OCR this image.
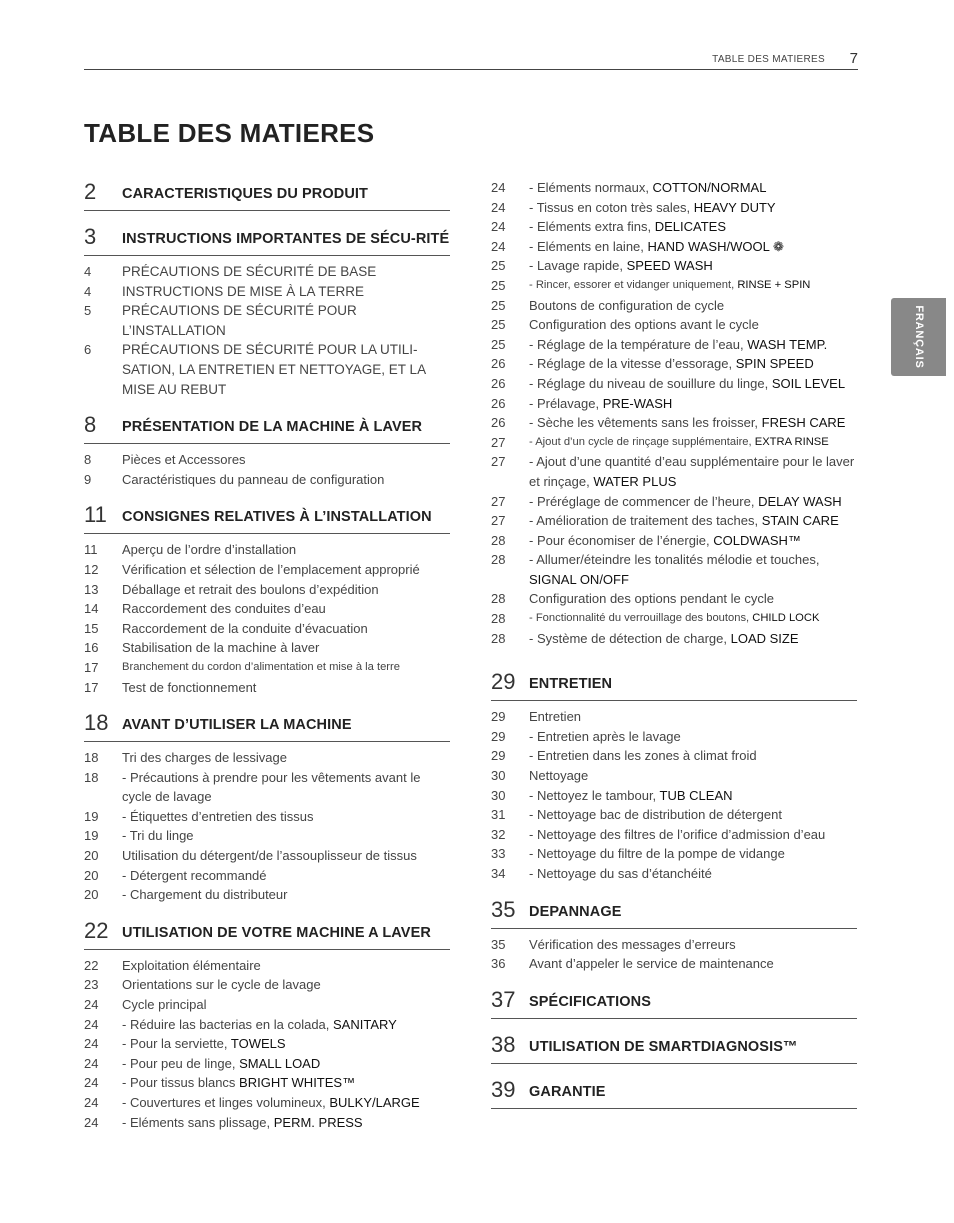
TABLE DES MATIERES 7
TABLE DES MATIERES
FRANÇAIS
2	CARACTERISTIQUES DU PRODUIT
3	INSTRUCTIONS IMPORTANTES DE SÉCU-RITÉ
4	PRÉCAUTIONS DE SÉCURITÉ DE BASE
4	INSTRUCTIONS DE MISE À LA TERRE
5	PRÉCAUTIONS DE SÉCURITÉ POUR L’INSTALLATION
6	PRÉCAUTIONS DE SÉCURITÉ POUR LA UTILI-SATION, LA ENTRETIEN ET NETTOYAGE, ET LA MISE AU REBUT
8	PRÉSENTATION DE LA MACHINE À LAVER
8	Pièces et Accessores
9	Caractéristiques du panneau de configuration
11	CONSIGNES RELATIVES À L’INSTALLATION
11	Aperçu de l’ordre d’installation
12	Vérification et sélection de l’emplacement approprié
13	Déballage et retrait des boulons d’expédition
14	Raccordement des conduites d’eau
15	Raccordement de la conduite d’évacuation
16	Stabilisation de la machine à laver
17	Branchement du cordon d’alimentation et mise à la terre
17	Test de fonctionnement
18 AVANT D’UTILISER LA MACHINE
18	Tri des charges de lessivage
18	- Précautions à prendre pour les vêtements avant le cycle de lavage
19	- Étiquettes d’entretien des tissus
19	- Tri du linge
20	Utilisation du détergent/de l’assouplisseur de tissus
20	- Détergent recommandé
20	- Chargement du distributeur
22 UTILISATION DE VOTRE MACHINE A LAVER
22	Exploitation élémentaire
23	Orientations sur le cycle de lavage
24	Cycle principal
24	- Réduire las bacterias en la colada, SANITARY
24	- Pour la serviette, TOWELS
24	- Pour peu de linge, SMALL LOAD
24	- Pour tissus blancs BRIGHT WHITES™
24	- Couvertures et linges volumineux, BULKY/LARGE
24	- Eléments sans plissage, PERM. PRESS
24	- Eléments normaux, COTTON/NORMAL
24	- Tissus en coton très sales, HEAVY DUTY
24	- Eléments extra fins, DELICATES
24	- Eléments en laine, HAND WASH/WOOL ❁
25	- Lavage rapide, SPEED WASH
25	- Rincer, essorer et vidanger uniquement, RINSE + SPIN
25	Boutons de configuration de cycle
25	Configuration des options avant le cycle
25	- Réglage de la température de l’eau, WASH TEMP.
26	- Réglage de la vitesse d’essorage, SPIN SPEED
26	- Réglage du niveau de souillure du linge, SOIL LEVEL
26	- Prélavage, PRE-WASH
26	- Sèche les vêtements sans les froisser, FRESH CARE
27	- Ajout d’un cycle de rinçage supplémentaire, EXTRA RINSE
27	- Ajout d’une quantité d’eau supplémentaire pour le laver et rinçage, WATER PLUS
27	- Préréglage de commencer de l’heure, DELAY WASH
27	- Amélioration de traitement des taches, STAIN CARE
28	- Pour économiser de l’énergie, COLDWASH™
28	- Allumer/éteindre les tonalités mélodie et touches, SIGNAL ON/OFF
28	Configuration des options pendant le cycle
28	- Fonctionnalité du verrouillage des boutons, CHILD LOCK
28	- Système de détection de charge, LOAD SIZE
29 ENTRETIEN
29	Entretien
29	- Entretien après le lavage
29	- Entretien dans les zones à climat froid
30	Nettoyage
30	- Nettoyez le tambour, TUB CLEAN
31	- Nettoyage bac de distribution de détergent
32	- Nettoyage des filtres de l’orifice d’admission d’eau
33	- Nettoyage du filtre de la pompe de vidange
34	- Nettoyage du sas d’étanchéité
35 DEPANNAGE
35	Vérification des messages d’erreurs
36	Avant d’appeler le service de maintenance
37 SPÉCIFICATIONS
38 UTILISATION DE SMARTDIAGNOSIS™
39 GARANTIE
